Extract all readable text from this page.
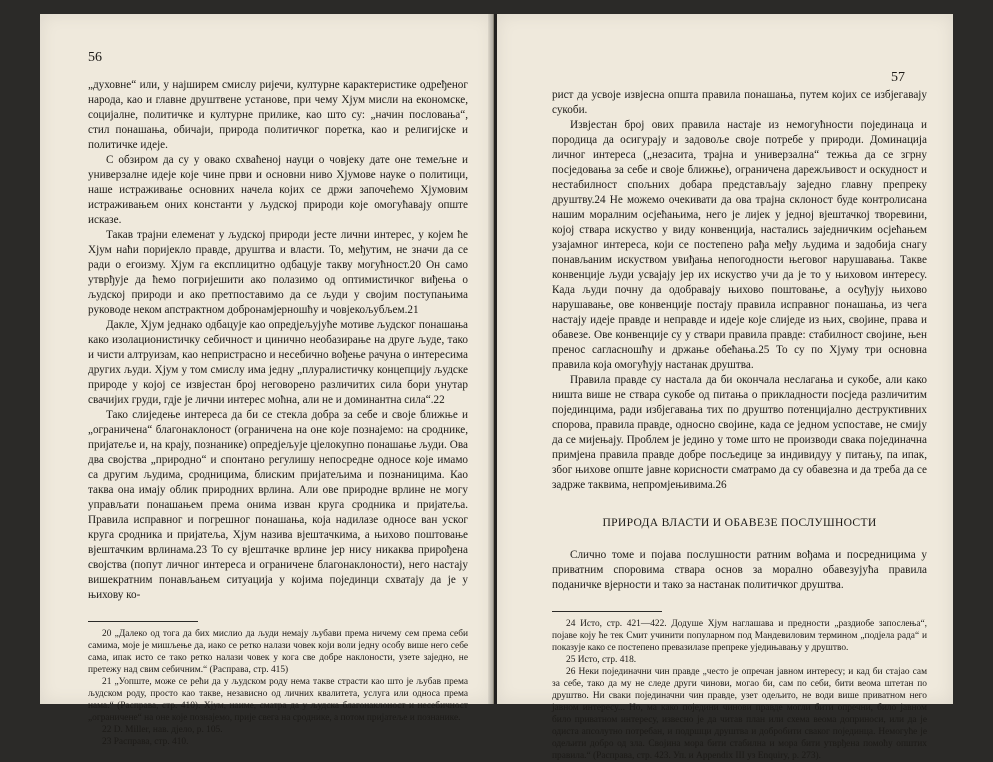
56

„духовне“ или, у најширем смислу ријечи, културне карактеристике одређеног народа, као и главне друштвене установе, при чему Хјум мисли на економске, социјалне, политичке и културне прилике, као што су: „начин пословања“, стил понашања, обичаји, природа политичког поретка, као и религијске и политичке идеје.

С обзиром да су у овако схваћеној науци о човјеку дате оне темељне и универзалне идеје које чине први и основни ниво Хјумове науке о политици, наше истраживање основних начела којих се држи започећемо Хјумовим истраживањем оних константи у људској природи које омогућавају опште исказе.

Такав трајни елеменат у људској природи јесте лични интерес, у којем ће Хјум наћи поријекло правде, друштва и власти. То, међутим, не значи да се ради о егоизму. Хјум га експлицитно одбацује такву могућност.20 Он само утврђује да ћемо погријешити ако полазимо од оптимистичког виђења о људској природи и ако претпоставимо да се људи у својим поступањима руководе неком апстрактном добронамјерношћу и човјекољубљем.21

Дакле, Хјум једнако одбацује као опредјељујуће мотиве људског понашања како изолационистичку себичност и цинично необазирање на друге људе, тако и чисти алтруизам, као непристрасно и несебично вођење рачуна о интересима других људи. Хјум у том смислу има једну „плуралистичку концепцију људске природе у којој се извјестан број неговорено различитих сила бори унутар свачијих груди, гдје је лични интерес моћна, али не и доминантна сила“.22

Тако слиједење интереса да би се стекла добра за себе и своје ближње и „ограничена“ благонаклоност (ограничена на оне које познајемо: на сроднике, пријатеље и, на крају, познанике) опредјељује цјелокупно понашање људи. Ова два својства „природно“ и спонтано регулишу непосредне односе које имамо са другим људима, сродницима, блиским пријатељима и познаницима. Као таква она имају облик природних врлина. Али ове природне врлине не могу управљати понашањем према онима изван круга сродника и пријатеља. Правила исправног и погрешног понашања, која надилазе односе ван уског круга сродника и пријатеља, Хјум назива вјештачкима, а њихово поштовање вјештачким врлинама.23 То су вјештачке врлине јер нису никаква прирођена својства (попут личног интереса и ограничене благонаклоности), него настају вишекратним понављањем ситуација у којима појединци схватају да је у њихову ко-

20 „Далеко од тога да бих мислио да људи немају љубави према ничему сем према себи самима, моје је мишљење да, иако се ретко налази човек који воли једну особу више него себе сама, ипак исто се тако ретко налази човек у кога све добре наклоности, узете заједно, не претежу над свим себичним.“ (Расправа, стр. 415)

21 „Уопште, може се рећи да у људском роду нема такве страсти као што је љубав према људском роду, просто као такве, независно од личних квалитета, услуга или односа према нама.“ (Расправа, стр. 410). Хјум, наиме, сматра да у људска благонаклоност и несебичност „ограничене“ на оне које познајемо, прије свега на сроднике, а потом пријатеље и познанике.

22 D. Miller, нав. дјело, p. 105.

23 Расправа, стр. 410.

57

рист да усвоје извјесна општа правила понашања, путем којих се избјегавају сукоби.

Извјестан број ових правила настаје из немогућности појединаца и породица да осигурају и задовоље своје потребе у природи. Доминација личног интереса („незасита, трајна и универзална“ тежња да се згрну посједовања за себе и своје ближње), ограничена дарежљивост и оскудност и нестабилност спољних добара представљају заједно главну препреку друштву.24 Не можемо очекивати да ова трајна склоност буде контролисана нашим моралним осјећањима, него је лијек у једној вјештачкој творевини, којој ствара искуство у виду конвенција, настались заједничким осјећањем узајамног интереса, који се постепено рађа међу људима и задобија снагу понављаним искуством увиђања непогодности његовог нарушавања. Такве конвенције људи усвајају јер их искуство учи да је то у њиховом интересу. Када људи почну да одобравају њихово поштовање, а осуђују њихово нарушавање, ове конвенције постају правила исправног понашања, из чега настају идеје правде и неправде и идеје које слиједе из њих, својине, права и обавезе. Ове конвенције су у ствари правила правде: стабилност својине, њен пренос сагласношћу и држање обећања.25 То су по Хјуму три основна правила која омогућују настанак друштва.

Правила правде су настала да би окончала неслагања и сукобе, али како ништа више не ствара сукобе од питања о прикладности посједа различитим појединцима, ради избјегавања тих по друштво потенцијално деструктивних спорова, правила правде, односно својине, када се једном успоставе, не смију да се мијењају. Проблем је једино у томе што не производи свака појединачна примјена правила правде добре посљедице за индивидуу у питању, па ипак, због њихове опште јавне корисности сматрамо да су обавезна и да треба да се задрже таквима, непромјењивима.26

ПРИРОДА ВЛАСТИ И ОБАВЕЗЕ ПОСЛУШНОСТИ

Слично томе и појава послушности ратним вођама и посредницима у приватним споровима ствара основ за морално обавезујућа правила поданичке вјерности и тако за настанак политичког друштва.

24 Исто, стр. 421—422. Додуше Хјум наглашава и предности „раздиобе запослења“, појаве коју ће тек Смит учинити популарном под Мандевиловим термином „подјела рада“ и показује како се постепено превазилазе препреке уједињавању у друштво.

25 Исто, стр. 418.

26 Неки појединачни чин правде „често је опречан јавном интересу; и кад би стајао сам за себе, тако да му не следе други чинови, могао би, сам по себи, бити веома штетан по друштво. Ни сваки појединачни чин правде, узет одељито, не води више приватном него јавном интересу... Но, ма како поједини чинови правде могли бити опречни, било јавном било приватном интересу, извесно је да читав план или схема веома доприноси, или да је одиста апсолутно потребан, и подршци друштва и добробити сваког појединца. Немогуће је одељити добро од зла. Својина мора бити стабилна и мора бити утврђена помоћу општих правила.“ (Расправа, стр. 423. Уп. и Appendix III уз Enquiry, p. 273).
